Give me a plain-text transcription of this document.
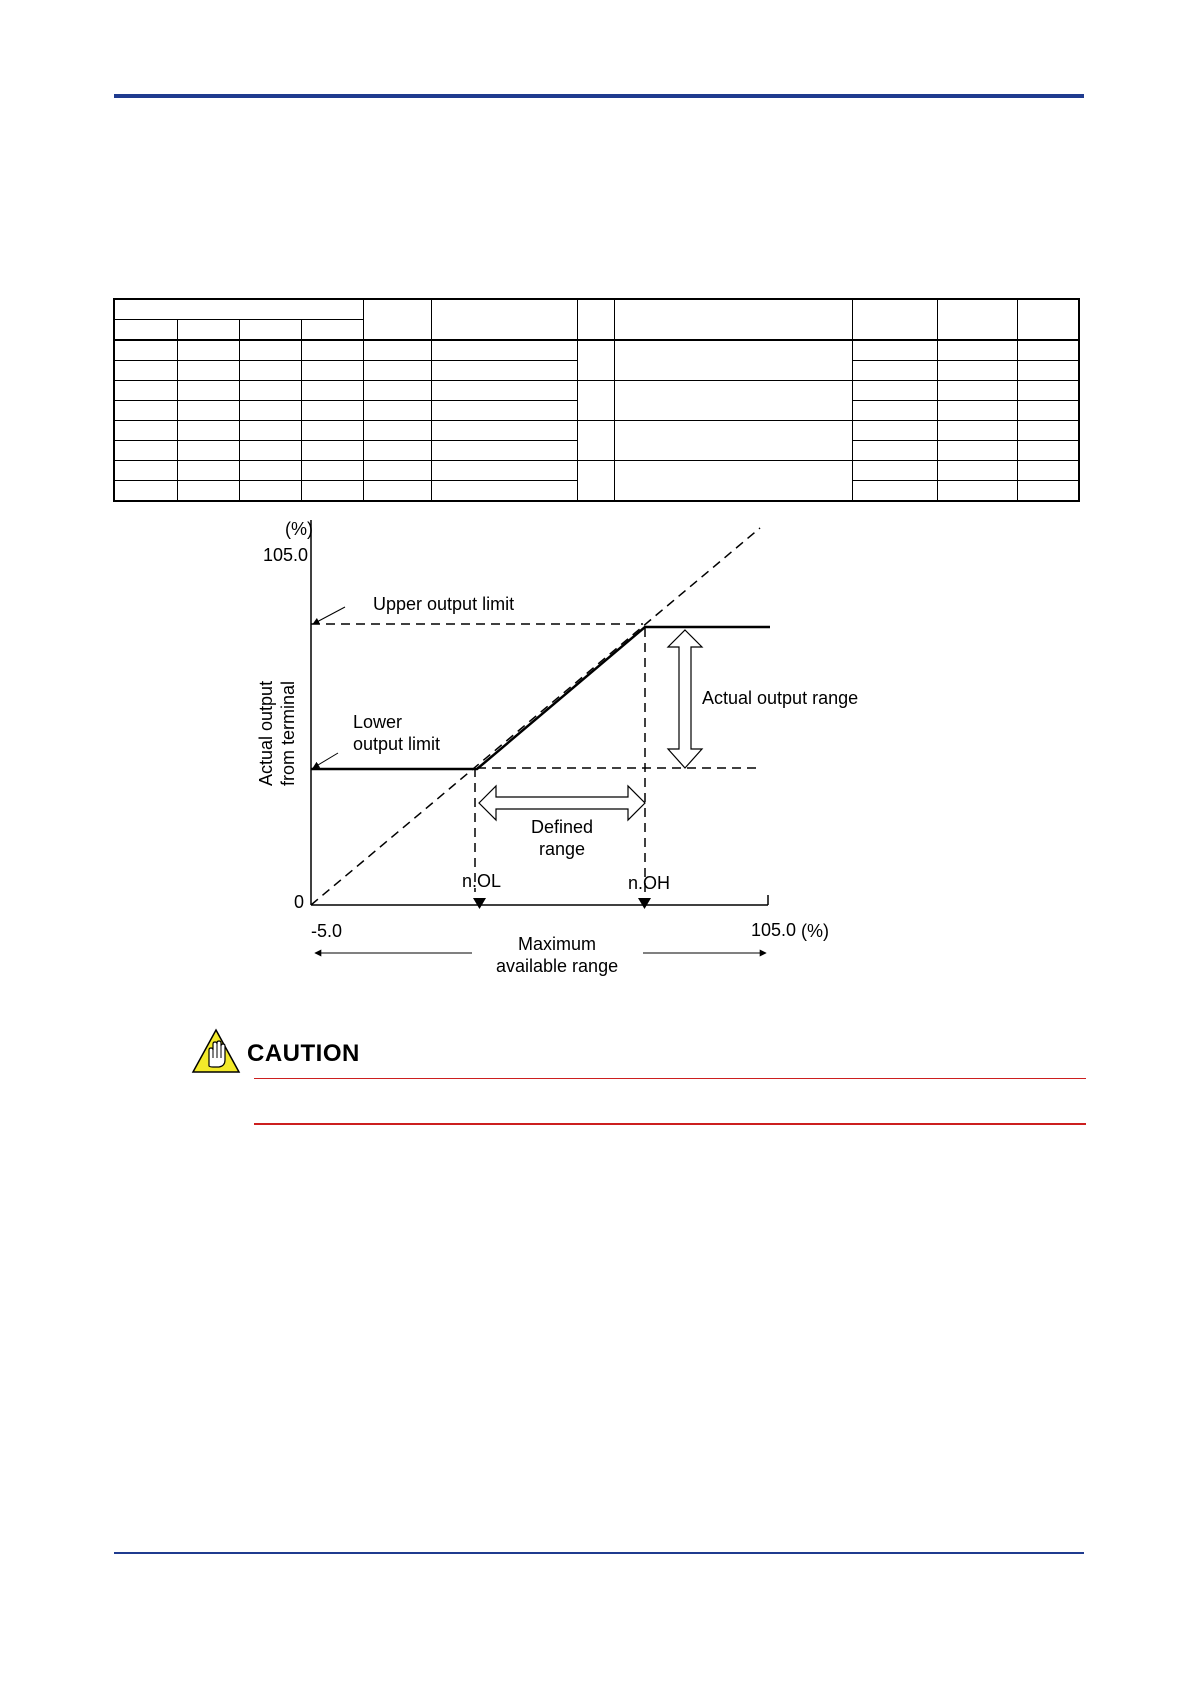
(%)
105.0
0
Actual output from terminal
Upper output limit
Lower
output limit
Actual output range
Defined
range
n.OL	n.OH
-5.0	105.0 (%)
Maximum
available range
CAUTION
